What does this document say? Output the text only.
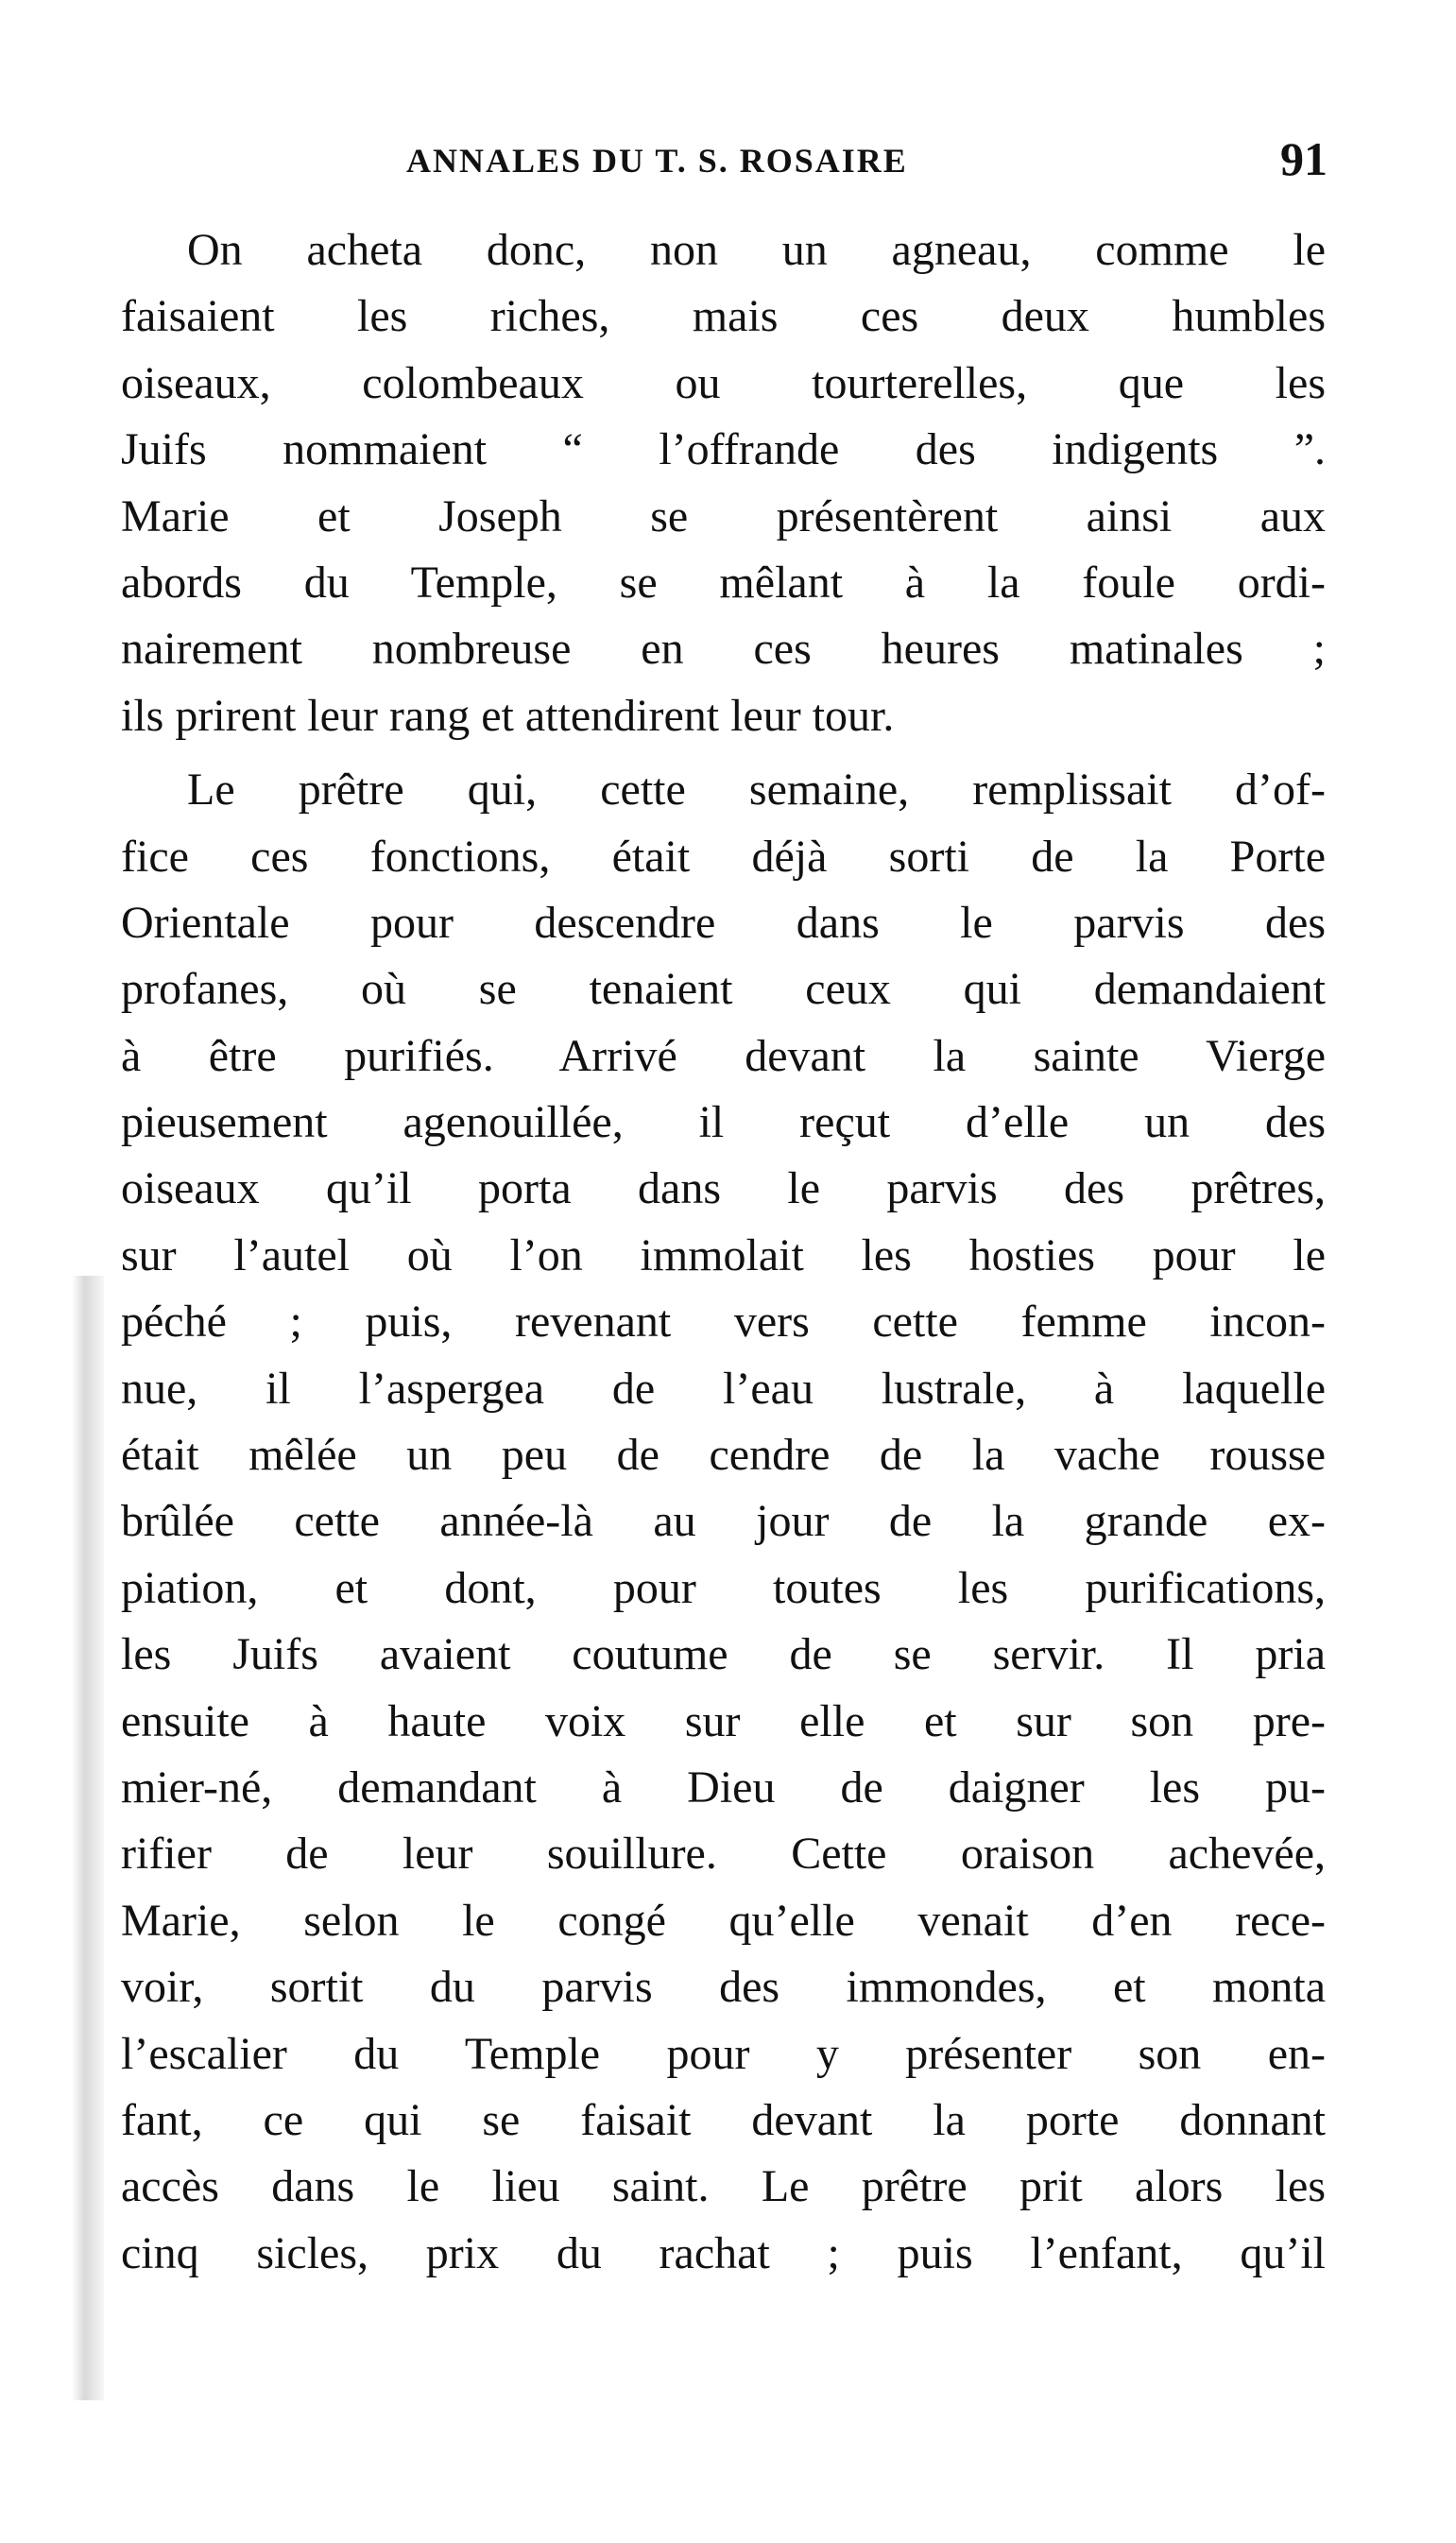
ANNALES DU T. S. ROSAIRE	91
On acheta donc, non un agneau, comme le
faisaient les riches, mais ces deux humbles
oiseaux, colombeaux ou tourterelles, que les
Juifs nommaient “ l’offrande des indigents ”.
Marie et Joseph se présentèrent ainsi aux
abords du Temple, se mêlant à la foule ordi-
nairement nombreuse en ces heures matinales ;
ils prirent leur rang et attendirent leur tour.
Le prêtre qui, cette semaine, remplissait d’of-
fice ces fonctions, était déjà sorti de la Porte
Orientale pour descendre dans le parvis des
profanes, où se tenaient ceux qui demandaient
à être purifiés. Arrivé devant la sainte Vierge
pieusement agenouillée, il reçut d’elle un des
oiseaux qu’il porta dans le parvis des prêtres,
sur l’autel où l’on immolait les hosties pour le
péché ; puis, revenant vers cette femme incon-
nue, il l’aspergea de l’eau lustrale, à laquelle
était mêlée un peu de cendre de la vache rousse
brûlée cette année-là au jour de la grande ex-
piation, et dont, pour toutes les purifications,
les Juifs avaient coutume de se servir. Il pria
ensuite à haute voix sur elle et sur son pre-
mier-né, demandant à Dieu de daigner les pu-
rifier de leur souillure. Cette oraison achevée,
Marie, selon le congé qu’elle venait d’en rece-
voir, sortit du parvis des immondes, et monta
l’escalier du Temple pour y présenter son en-
fant, ce qui se faisait devant la porte donnant
accès dans le lieu saint. Le prêtre prit alors les
cinq sicles, prix du rachat ; puis l’enfant, qu’il
